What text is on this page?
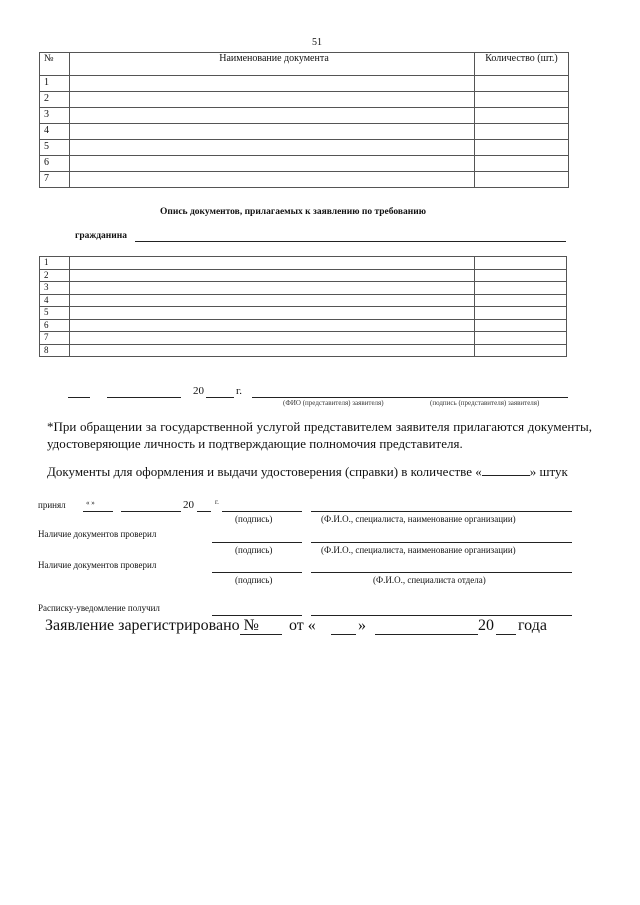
51
№	Наименование документа	Количество (шт.)
1		
2		
3		
4		
5		
6		
7		
Опись документов, прилагаемых к заявлению по требованию
гражданина
1		
2		
3		
4		
5		
6		
7		
8		
20	г.
(ФИО (представителя) заявителя)	(подпись (представителя) заявителя)
*При обращении за государственной услугой представителем заявителя прилагаются документы, удостоверяющие личность и подтверждающие полномочия представителя.
Документы для оформления и выдачи удостоверения (справки) в количестве «	» штук
принял	« »	20	г.
(подпись)	(Ф.И.О., специалиста, наименование организации)
Наличие документов проверил
(подпись)	(Ф.И.О., специалиста, наименование организации)
Наличие документов проверил
(подпись)	(Ф.И.О., специалиста отдела)
Расписку-уведомление получил
Заявление зарегистрировано № от «	»	20 года
